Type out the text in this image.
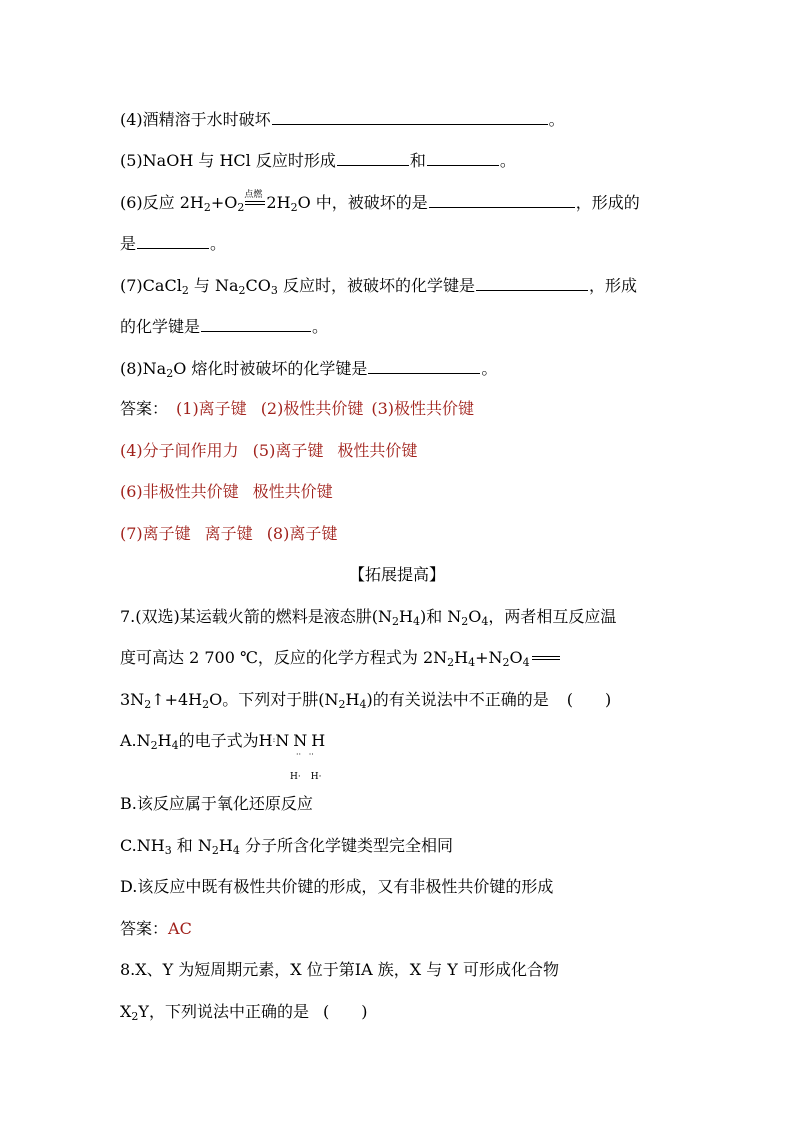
(4)酒精溶于水时破坏	。
(5)NaOH 与 HCl 反应时形成	和	。
(6)反应 $2H_2+O_2$
点燃 $2H_2O$ 中，被破坏的是	，形成的
是	。
(7)CaCl$_2$ 与 $Na_2CO_3$ 反应时，被破坏的化学键是	，形成
的化学键是	。
$(8)Na_2O$ 熔化时被破坏的化学键是	。
答案： (1)离子键 (2)极性共价键 (3)极性共价键
(4)分子间作用力 (5)离子键 极性共价键
(6)非极性共价键 极性共价键
(7)离子键 离子键 (8)离子键
【拓展提高】
7.(双选)某运载火箭的燃料是液态肼$(N_2H_4)$和 $N_2O_4$，两者相互反应温
度可高达 2 700 ℃，反应的化学方程式为 $2N_2H_4+N_2O_4$
$3N_2↑+4H_2O$。下列对于肼$(N_2H_4)$的有关说法中不正确的是 (　　)
$A.N_2H_4$的电子式为H:N N H
··   ··
H· H·
B.该反应属于氧化还原反应
$C.NH_3$ 和 $N_2H_4$ 分子所含化学键类型完全相同
D.该反应中既有极性共价键的形成，又有非极性共价键的形成
答案：AC
8.X、Y 为短周期元素，X 位于第ⅠA 族，X 与 Y 可形成化合物
$X_2Y$，下列说法中正确的是 (　　)
